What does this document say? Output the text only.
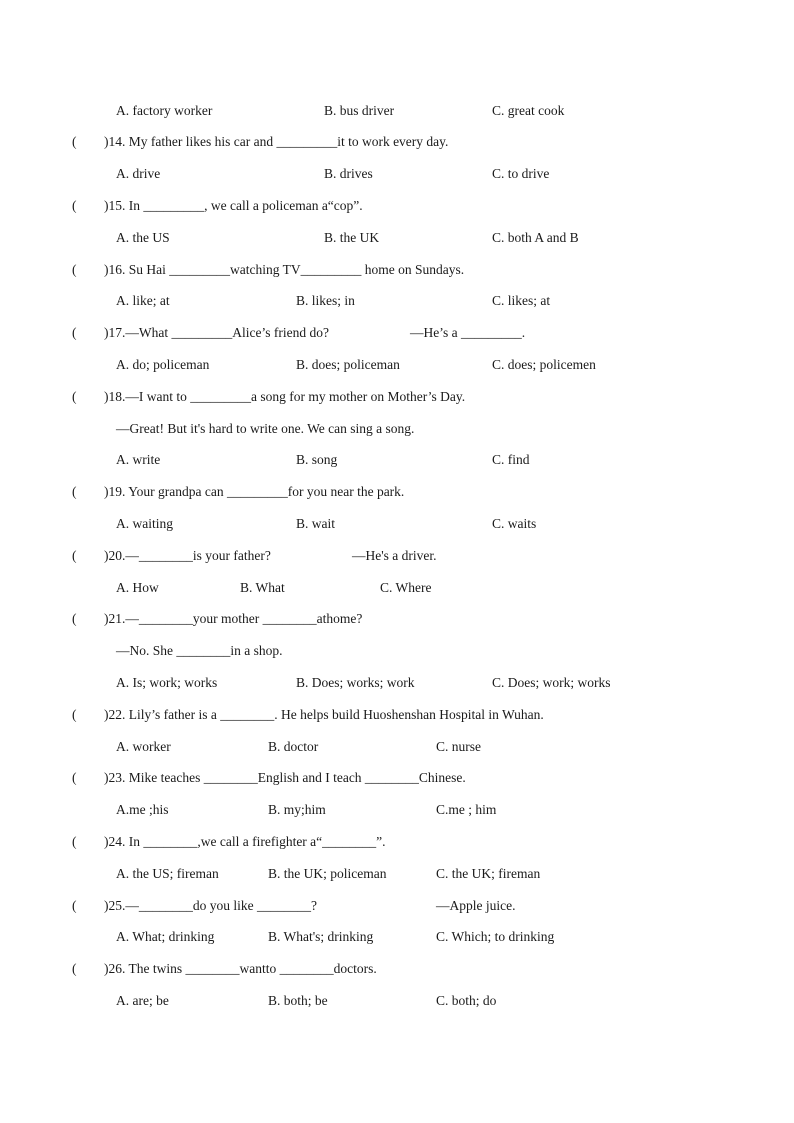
A. factory worker	B. bus driver	C. great cook
( )14. My father likes his car and _________it to work every day.
A. drive	B. drives	C. to drive
( )15. In _________, we call a policeman a“cop”.
A. the US	B. the UK	C. both A and B
( )16. Su Hai _________watching TV_________ home on Sundays.
A. like; at	B. likes; in	C. likes; at
( )17.—What _________Alice’s friend do?	—He’s a _________.
A. do; policeman	B. does; policeman	C. does; policemen
( )18.—I want to _________a song for my mother on Mother’s Day.
—Great! But it's hard to write one. We can sing a song.
A. write	B. song	C. find
( )19. Your grandpa can _________for you near the park.
A. waiting	B. wait	C. waits
( )20.—________is your father?	—He's a driver.
A. How	B. What	C. Where
( )21.—________your mother ________athome?
—No. She ________in a shop.
A. Is; work; works	B. Does; works; work	C. Does; work; works
( )22. Lily’s father is a ________. He helps build Huoshenshan Hospital in Wuhan.
A. worker	B. doctor	C. nurse
( )23. Mike teaches ________English and I teach ________Chinese.
A.me ;his	B. my;him	C.me ; him
( )24. In ________,we call a firefighter a“________”.
A. the US; fireman	B. the UK; policeman	C. the UK; fireman
( )25.—________do you like ________?	—Apple juice.
A. What; drinking	B. What's; drinking	C. Which; to drinking
( )26. The twins ________wantto ________doctors.
A. are; be	B. both; be	C. both; do
